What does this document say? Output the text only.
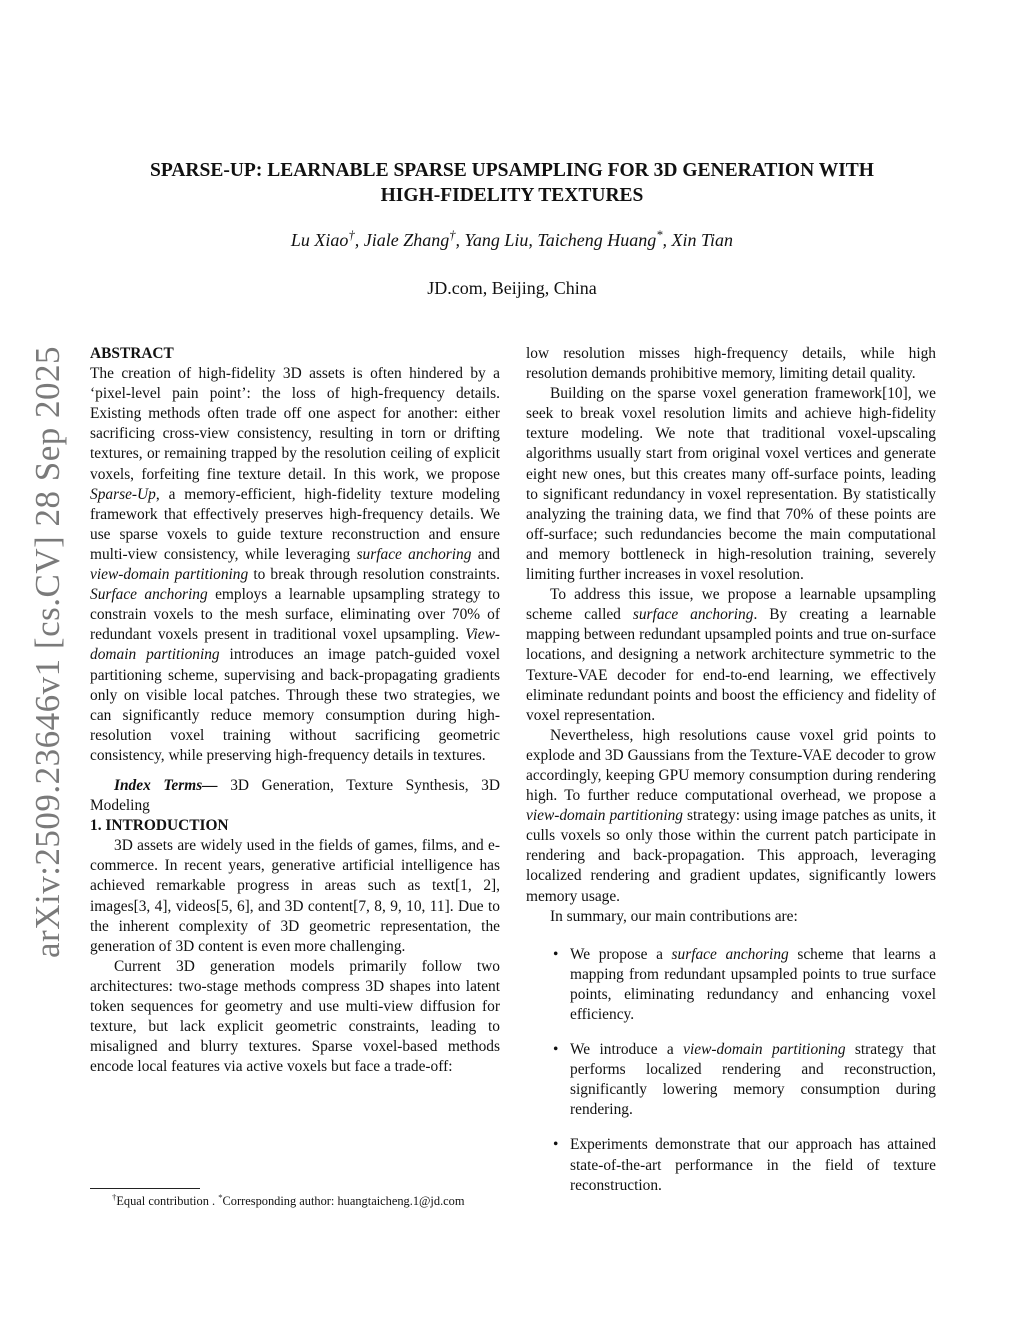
arXiv:2509.23646v1 [cs.CV] 28 Sep 2025
SPARSE-UP: LEARNABLE SPARSE UPSAMPLING FOR 3D GENERATION WITH
HIGH-FIDELITY TEXTURES
Lu Xiao†, Jiale Zhang†, Yang Liu, Taicheng Huang*, Xin Tian
JD.com, Beijing, China

ABSTRACT

The creation of high-fidelity 3D assets is often hindered by a ‘pixel-level pain point’: the loss of high-frequency details. Existing methods often trade off one aspect for another: either sacrificing cross-view consistency, resulting in torn or drifting textures, or remaining trapped by the resolution ceiling of explicit voxels, forfeiting fine texture detail. In this work, we propose Sparse-Up, a memory-efficient, high-fidelity texture modeling framework that effectively preserves high-frequency details. We use sparse voxels to guide texture reconstruction and ensure multi-view consistency, while leveraging surface anchoring and view-domain partitioning to break through resolution constraints. Surface anchoring employs a learnable upsampling strategy to constrain voxels to the mesh surface, eliminating over 70% of redundant voxels present in traditional voxel upsampling. View-domain partitioning introduces an image patch-guided voxel partitioning scheme, supervising and back-propagating gradients only on visible local patches. Through these two strategies, we can significantly reduce memory consumption during high-resolution voxel training without sacrificing geometric consistency, while preserving high-frequency details in textures.

Index Terms— 3D Generation, Texture Synthesis, 3D Modeling

1. INTRODUCTION

3D assets are widely used in the fields of games, films, and e-commerce. In recent years, generative artificial intelligence has achieved remarkable progress in areas such as text[1, 2], images[3, 4], videos[5, 6], and 3D content[7, 8, 9, 10, 11]. Due to the inherent complexity of 3D geometric representation, the generation of 3D content is even more challenging.

Current 3D generation models primarily follow two architectures: two-stage methods compress 3D shapes into latent token sequences for geometry and use multi-view diffusion for texture, but lack explicit geometric constraints, leading to misaligned and blurry textures. Sparse voxel-based methods encode local features via active voxels but face a trade-off:

†Equal contribution . *Corresponding author: huangtaicheng.1@jd.com

low resolution misses high-frequency details, while high resolution demands prohibitive memory, limiting detail quality.

Building on the sparse voxel generation framework[10], we seek to break voxel resolution limits and achieve high-fidelity texture modeling. We note that traditional voxel-upscaling algorithms usually start from original voxel vertices and generate eight new ones, but this creates many off-surface points, leading to significant redundancy in voxel representation. By statistically analyzing the training data, we find that 70% of these points are off-surface; such redundancies become the main computational and memory bottleneck in high-resolution training, severely limiting further increases in voxel resolution.

To address this issue, we propose a learnable upsampling scheme called surface anchoring. By creating a learnable mapping between redundant upsampled points and true on-surface locations, and designing a network architecture symmetric to the Texture-VAE decoder for end-to-end learning, we effectively eliminate redundant points and boost the efficiency and fidelity of voxel representation.

Nevertheless, high resolutions cause voxel grid points to explode and 3D Gaussians from the Texture-VAE decoder to grow accordingly, keeping GPU memory consumption during rendering high. To further reduce computational overhead, we propose a view-domain partitioning strategy: using image patches as units, it culls voxels so only those within the current patch participate in rendering and back-propagation. This approach, leveraging localized rendering and gradient updates, significantly lowers memory usage.

In summary, our main contributions are:

• We propose a surface anchoring scheme that learns a mapping from redundant upsampled points to true surface points, eliminating redundancy and enhancing voxel efficiency.
• We introduce a view-domain partitioning strategy that performs localized rendering and reconstruction, significantly lowering memory consumption during rendering.
• Experiments demonstrate that our approach has attained state-of-the-art performance in the field of texture reconstruction.
